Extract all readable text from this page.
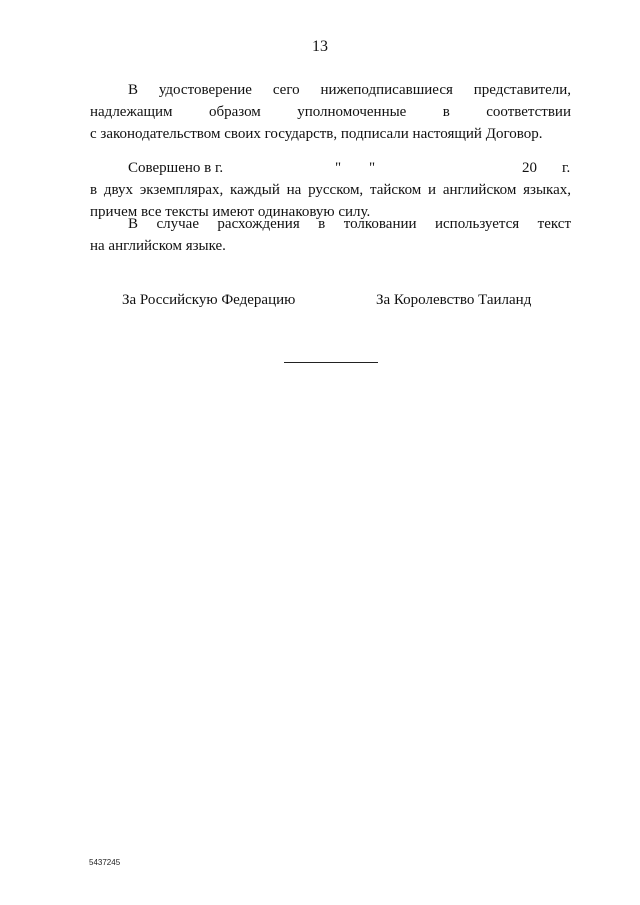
13

В удостоверение сего нижеподписавшиеся представители,

надлежащим образом уполномоченные в соответствии

с законодательством своих государств, подписали настоящий Договор.

Совершено в г.	" "	20 г.

в двух экземплярах, каждый на русском, тайском и английском языках,

причем все тексты имеют одинаковую силу.

В случае расхождения в толковании используется текст

на английском языке.

За Российскую Федерацию	За Королевство Таиланд
5437245
